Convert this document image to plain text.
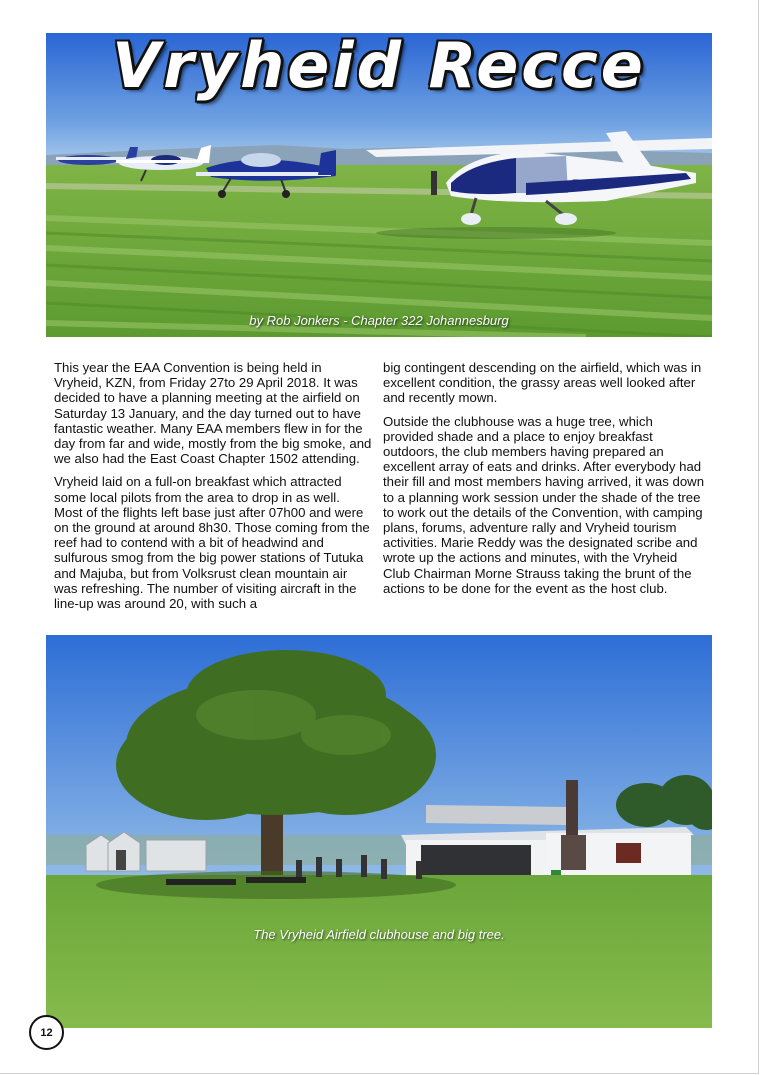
ZS-IVC
Vryheid Recce
by Rob Jonkers - Chapter 322 Johannesburg

This year the EAA Convention is being held in Vryheid, KZN, from Friday 27to 29 April 2018. It was decided to have a planning meeting at the airfield on Saturday 13 January, and the day turned out to have fantastic weather. Many EAA members flew in for the day from far and wide, mostly from the big smoke, and we also had the East Coast Chapter 1502 attending.

Vryheid laid on a full-on breakfast which attracted some local pilots from the area to drop in as well. Most of the flights left base just after 07h00 and were on the ground at around 8h30. Those coming from the reef had to contend with a bit of headwind and sulfurous smog from the big power stations of Tutuka and Majuba, but from Volksrust clean mountain air was refreshing. The number of visiting aircraft in the line-up was around 20, with such a

big contingent descending on the airfield, which was in excellent condition, the grassy areas well looked after and recently mown.

Outside the clubhouse was a huge tree, which provided shade and a place to enjoy breakfast outdoors, the club members having prepared an excellent array of eats and drinks. After everybody had their fill and most members having arrived, it was down to a planning work session under the shade of the tree to work out the details of the Convention, with camping plans, forums, adventure rally and Vryheid tourism activities. Marie Reddy was the designated scribe and wrote up the actions and minutes, with the Vryheid Club Chairman Morne Strauss taking the brunt of the actions to be done for the event as the host club.

The Vryheid Airfield clubhouse and big tree.
12
